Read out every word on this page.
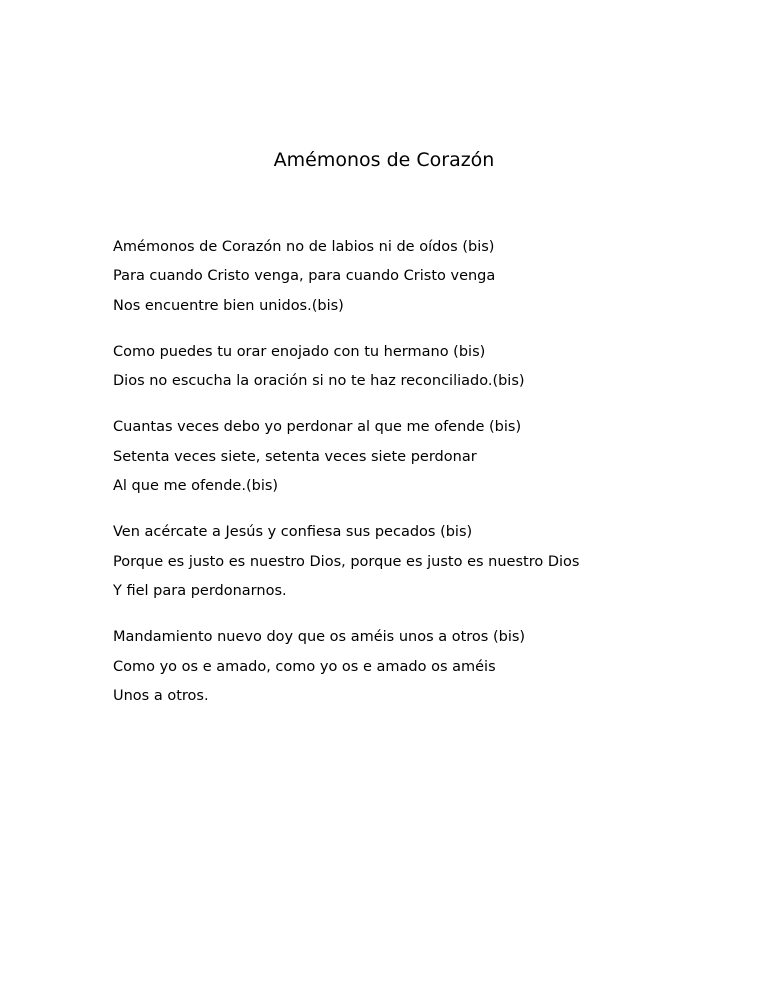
Amémonos de Corazón
Amémonos de Corazón no de labios ni de oídos (bis)
Para cuando Cristo venga, para cuando Cristo venga
Nos encuentre bien unidos.(bis)
Como puedes tu orar enojado con tu hermano (bis)
Dios no escucha la oración si no te haz reconciliado.(bis)
Cuantas veces debo yo perdonar al que me ofende (bis)
Setenta veces siete, setenta veces siete perdonar
Al que me ofende.(bis)
Ven acércate a Jesús y confiesa sus pecados (bis)
Porque es justo es nuestro Dios, porque es justo es nuestro Dios
Y fiel para perdonarnos.
Mandamiento nuevo doy que os améis unos a otros (bis)
Como yo os e amado, como yo os e amado os améis
Unos a otros.
